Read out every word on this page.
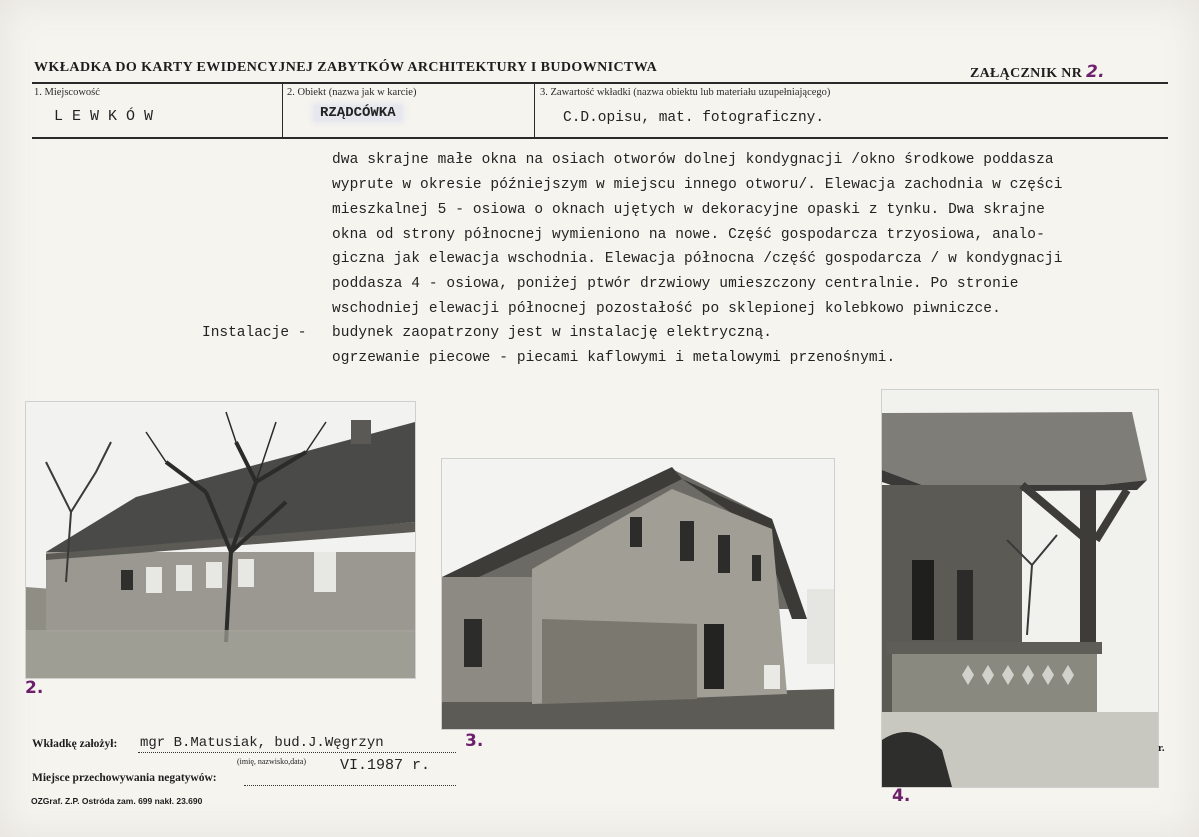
WKŁADKA DO KARTY EWIDENCYJNEJ ZABYTKÓW ARCHITEKTURY I BUDOWNICTWA	ZAŁĄCZNIK NR 2.
1. Miejscowość
LEWKÓW
2. Obiekt (nazwa jak w karcie)
RZĄDCÓWKA
3. Zawartość wkładki (nazwa obiektu lub materiału uzupełniającego)
C.D.opisu, mat. fotograficzny.
dwa skrajne małe okna na osiach otworów dolnej kondygnacji /okno środkowe poddasza
wyprute w okresie późniejszym w miejscu innego otworu/. Elewacja zachodnia w części
mieszkalnej 5 - osiowa o oknach ujętych w dekoracyjne opaski z tynku. Dwa skrajne
okna od strony północnej wymieniono na nowe. Część gospodarcza trzyosiowa, analo-
giczna jak elewacja wschodnia. Elewacja północna /część gospodarcza / w kondygnacji
poddasza 4 - osiowa, poniżej ptwór drzwiowy umieszczony centralnie. Po stronie
wschodniej elewacji północnej pozostałość po sklepionej kolebkowo piwniczce.
Instalacje - budynek zaopatrzony jest w instalację elektryczną.
ogrzewanie piecowe - piecami kaflowymi i metalowymi przenośnymi.
2.
3.
4.
r.
Wkładkę założył: mgr B.Matusiak, bud.J.Węgrzyn
(imię, nazwisko,data) VI.1987 r.
Miejsce przechowywania negatywów:
OZGraf. Z.P. Ostróda zam. 699 nakł. 23.690
